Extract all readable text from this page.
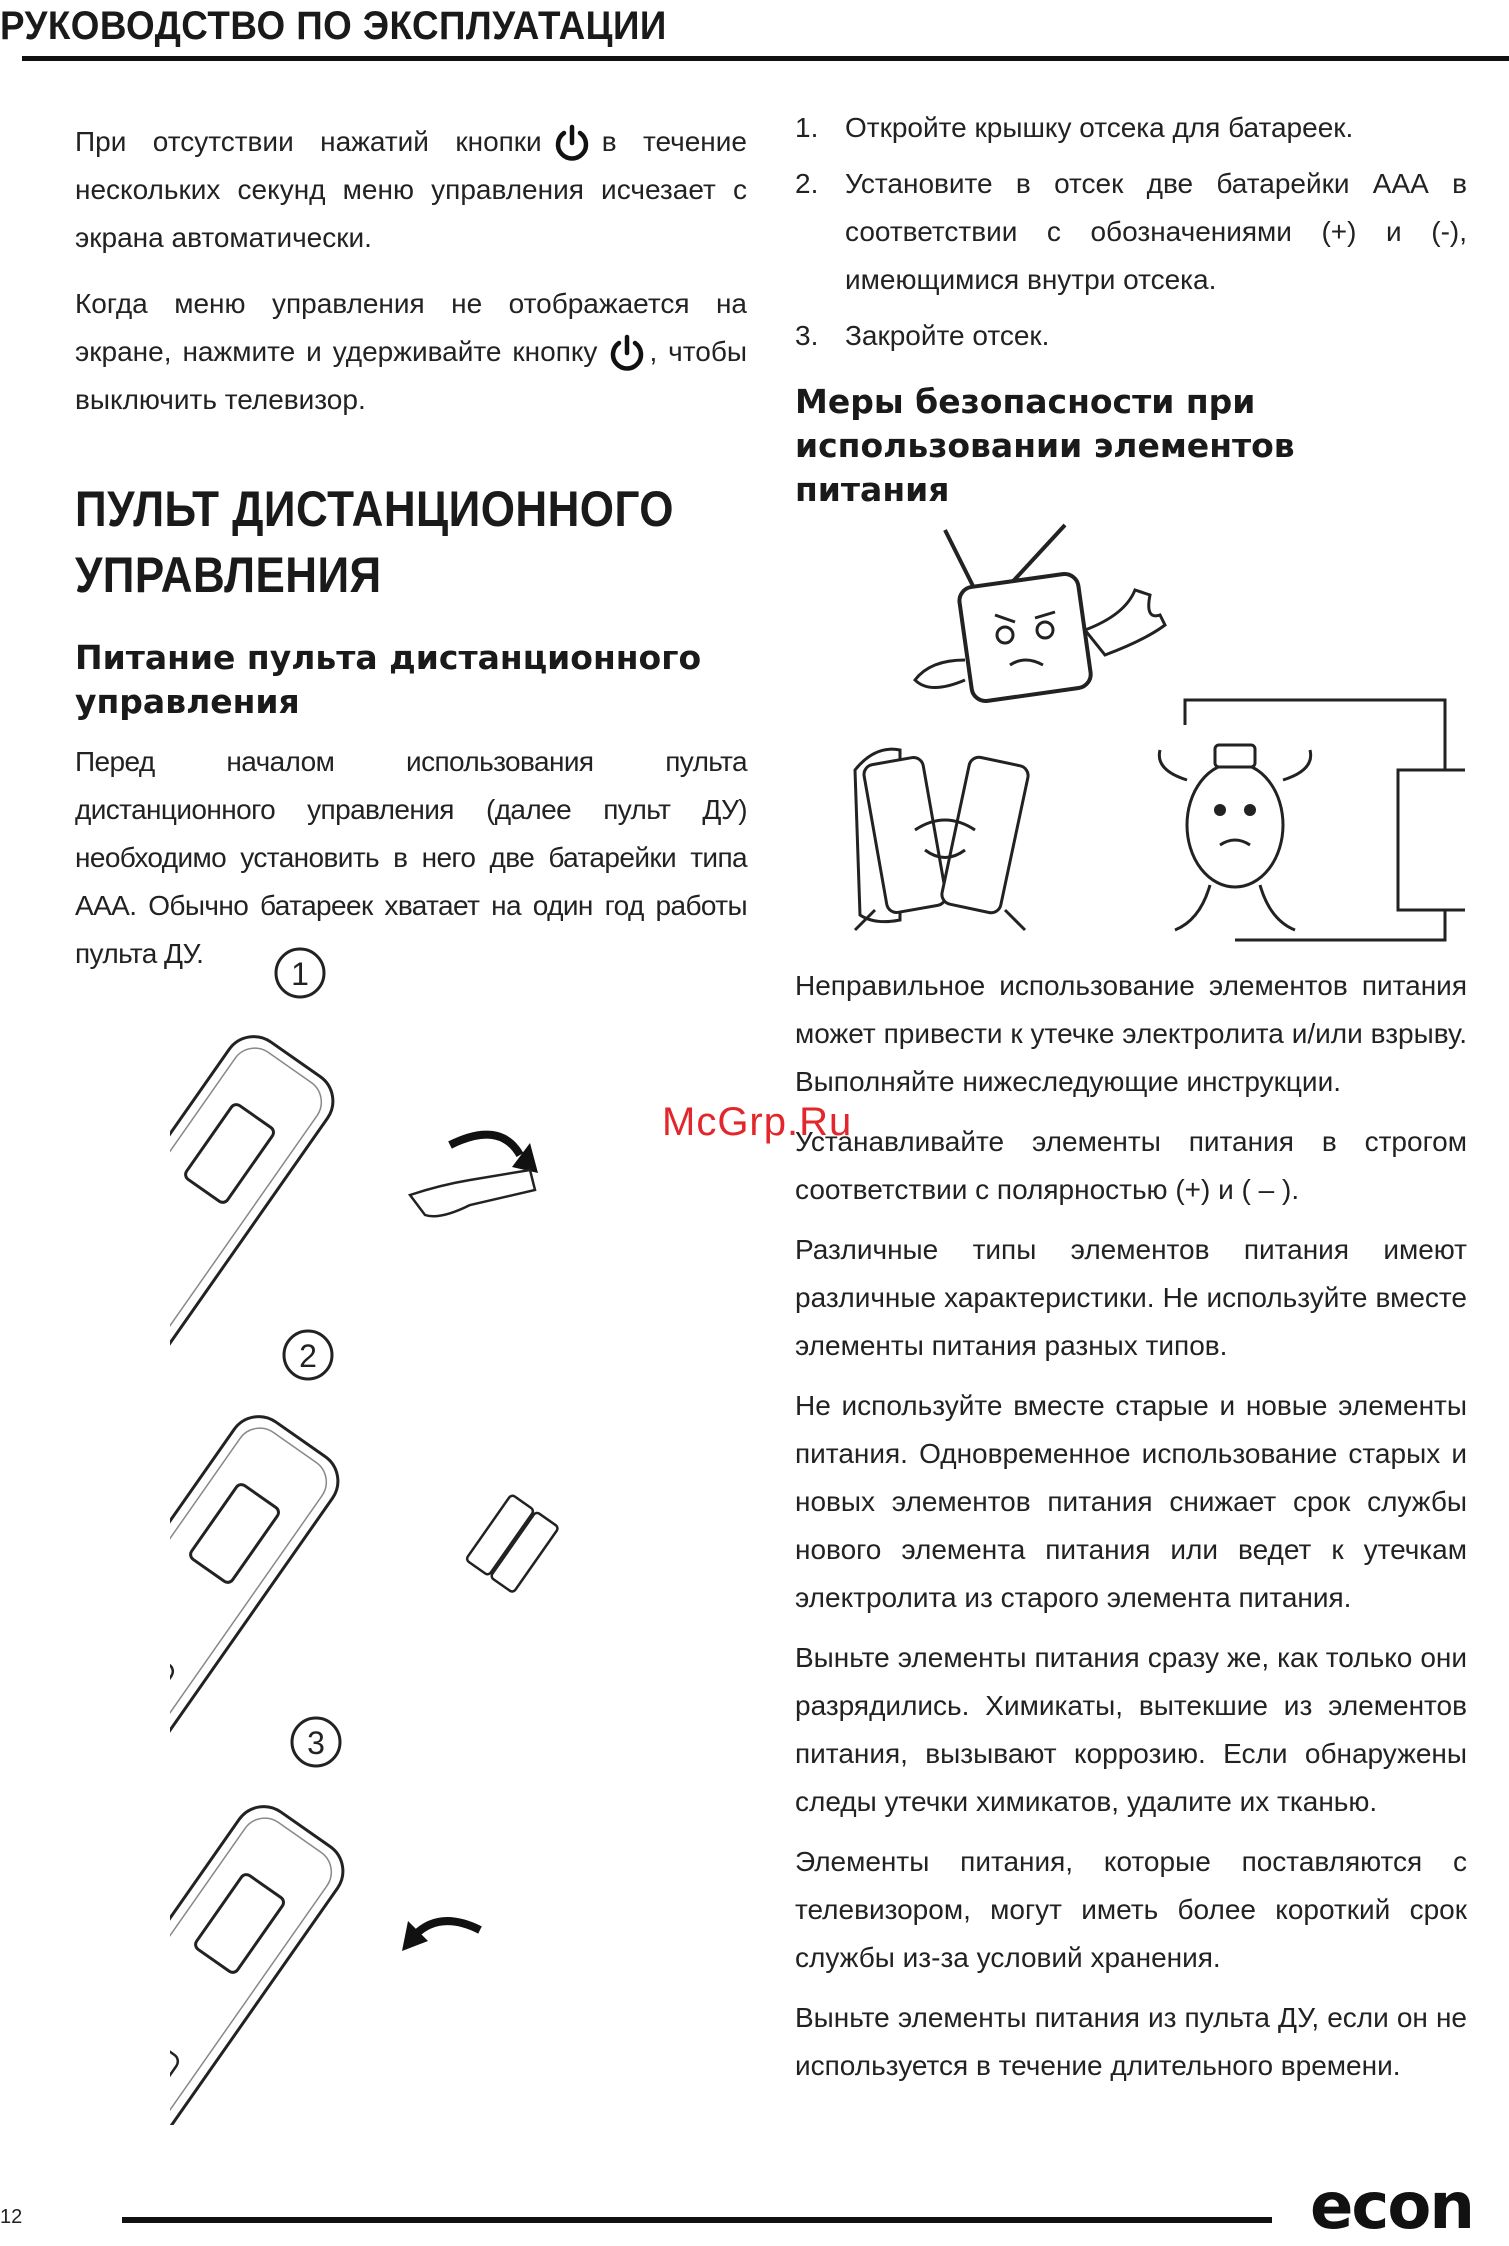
РУКОВОДСТВО ПО ЭКСПЛУАТАЦИИ

При отсутствии нажатий кнопки в течение нескольких секунд меню управления исчезает с экрана автоматически.

Когда меню управления не отображается на экране, нажмите и удерживайте кнопку , чтобы выключить телевизор.

ПУЛЬТ ДИСТАНЦИОННОГО УПРАВЛЕНИЯ
Питание пульта дистанционного управления

Перед началом использования пульта дистанционного управления (далее пульт ДУ) необходимо установить в него две батарейки типа ААА. Обычно батареек хватает на один год работы пульта ДУ.

1
2
3
1. Откройте крышку отсека для батареек.
2. Установите в отсек две батарейки ААА в соответствии с обозначениями (+) и (-), имеющимися внутри отсека.
3. Закройте отсек.
Меры безопасности при использовании элементов питания

Неправильное использование элементов питания может привести к утечке электролита и/или взрыву. Выполняйте нижеследующие инструкции.

Устанавливайте элементы питания в строгом соответствии с полярностью (+) и ( – ).

Различные типы элементов питания имеют различные характеристики. Не используйте вместе элементы питания разных типов.

Не используйте вместе старые и новые элементы питания. Одновременное использование старых и новых элементов питания снижает срок службы нового элемента питания или ведет к утечкам электролита из старого элемента питания.

Выньте элементы питания сразу же, как только они разрядились. Химикаты, вытекшие из элементов питания, вызывают коррозию. Если обнаружены следы утечки химикатов, удалите их тканью.

Элементы питания, которые поставляются с телевизором, могут иметь более короткий срок службы из-за условий хранения.

Выньте элементы питания из пульта ДУ, если он не используется в течение длительного времени.

McGrp.Ru
12	econ
